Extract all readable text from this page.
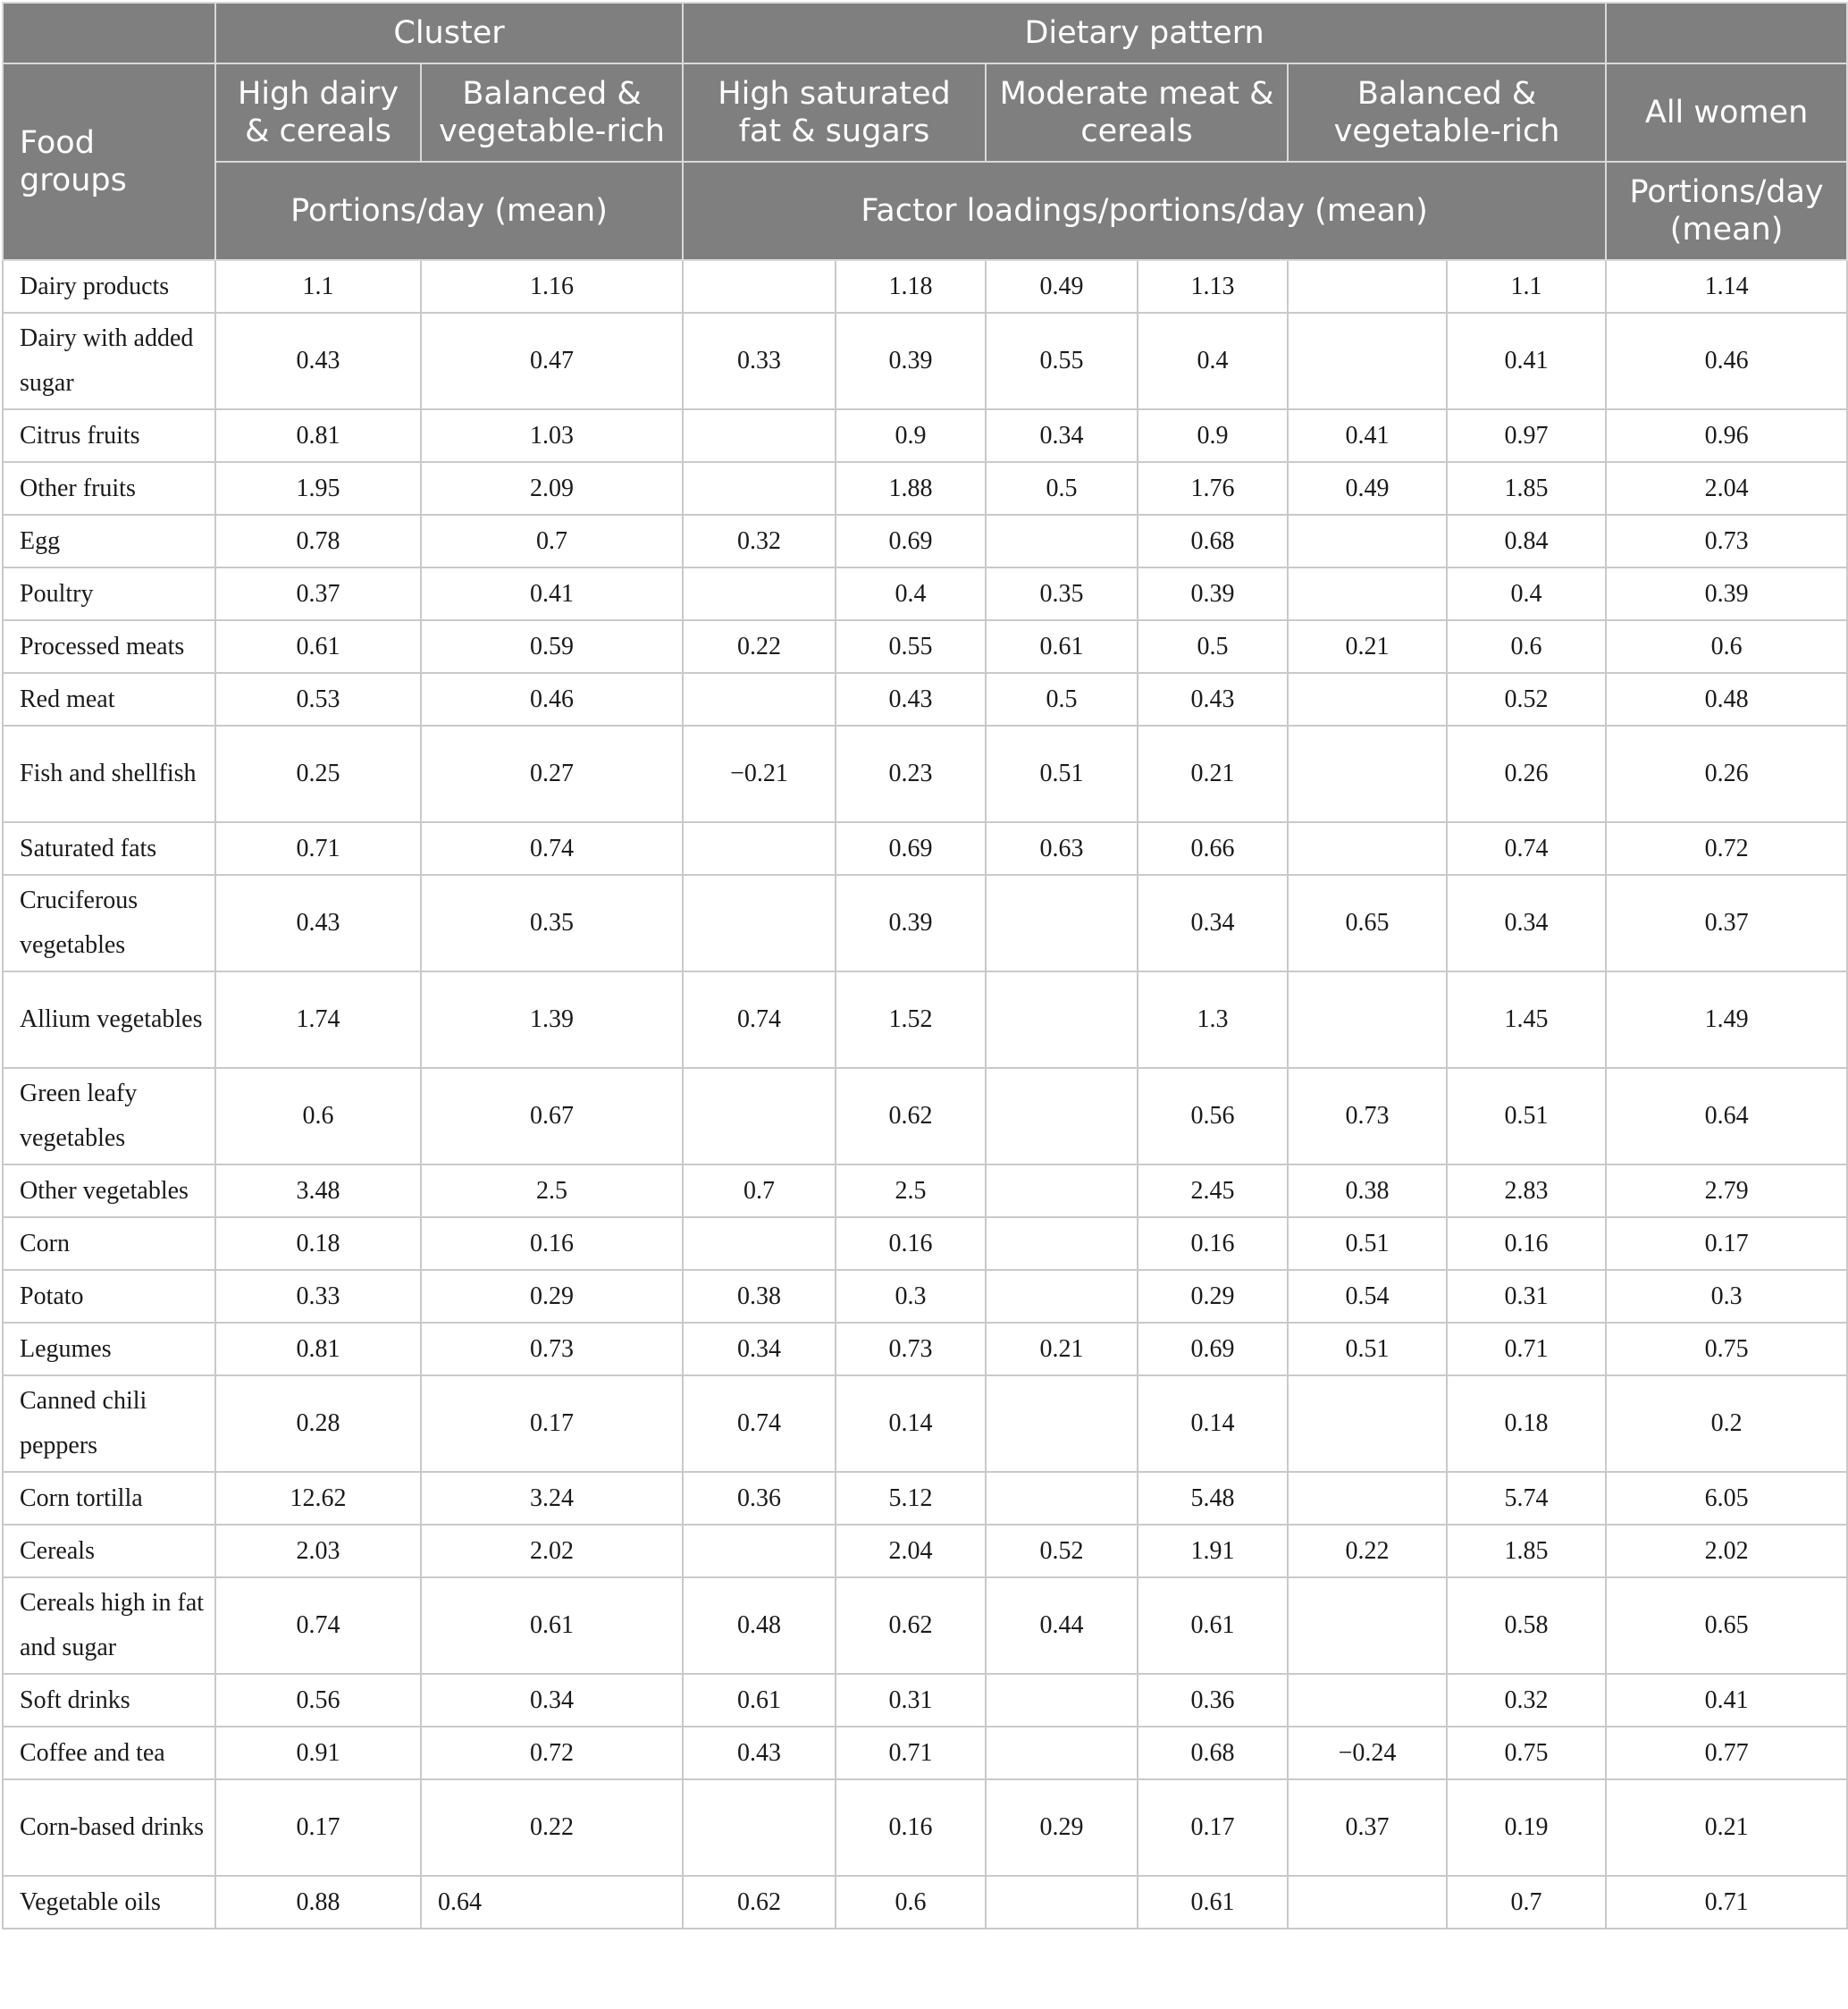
	Cluster		Dietary pattern						
Food groups	High dairy & cereals	Balanced & vegetable-rich	High saturated fat & sugars		Moderate meat & cereals		Balanced & vegetable-rich		All women
	Portions/day (mean)		Factor loadings/portions/day (mean)						Portions/day (mean)
Dairy products	1.1	1.16		1.18	0.49	1.13		1.1	1.14
Dairy with added sugar	0.43	0.47	0.33	0.39	0.55	0.4		0.41	0.46
Citrus fruits	0.81	1.03		0.9	0.34	0.9	0.41	0.97	0.96
Other fruits	1.95	2.09		1.88	0.5	1.76	0.49	1.85	2.04
Egg	0.78	0.7	0.32	0.69		0.68		0.84	0.73
Poultry	0.37	0.41		0.4	0.35	0.39		0.4	0.39
Processed meats	0.61	0.59	0.22	0.55	0.61	0.5	0.21	0.6	0.6
Red meat	0.53	0.46		0.43	0.5	0.43		0.52	0.48
Fish and shellfish	0.25	0.27	−0.21	0.23	0.51	0.21		0.26	0.26
Saturated fats	0.71	0.74		0.69	0.63	0.66		0.74	0.72
Cruciferous vegetables	0.43	0.35		0.39		0.34	0.65	0.34	0.37
Allium vegetables	1.74	1.39	0.74	1.52		1.3		1.45	1.49
Green leafy vegetables	0.6	0.67		0.62		0.56	0.73	0.51	0.64
Other vegetables	3.48	2.5	0.7	2.5		2.45	0.38	2.83	2.79
Corn	0.18	0.16		0.16		0.16	0.51	0.16	0.17
Potato	0.33	0.29	0.38	0.3		0.29	0.54	0.31	0.3
Legumes	0.81	0.73	0.34	0.73	0.21	0.69	0.51	0.71	0.75
Canned chili peppers	0.28	0.17	0.74	0.14		0.14		0.18	0.2
Corn tortilla	12.62	3.24	0.36	5.12		5.48		5.74	6.05
Cereals	2.03	2.02		2.04	0.52	1.91	0.22	1.85	2.02
Cereals high in fat and sugar	0.74	0.61	0.48	0.62	0.44	0.61		0.58	0.65
Soft drinks	0.56	0.34	0.61	0.31		0.36		0.32	0.41
Coffee and tea	0.91	0.72	0.43	0.71		0.68	−0.24	0.75	0.77
Corn-based drinks	0.17	0.22		0.16	0.29	0.17	0.37	0.19	0.21
Vegetable oils	0.88	0.64	0.62	0.6		0.61		0.7	0.71
